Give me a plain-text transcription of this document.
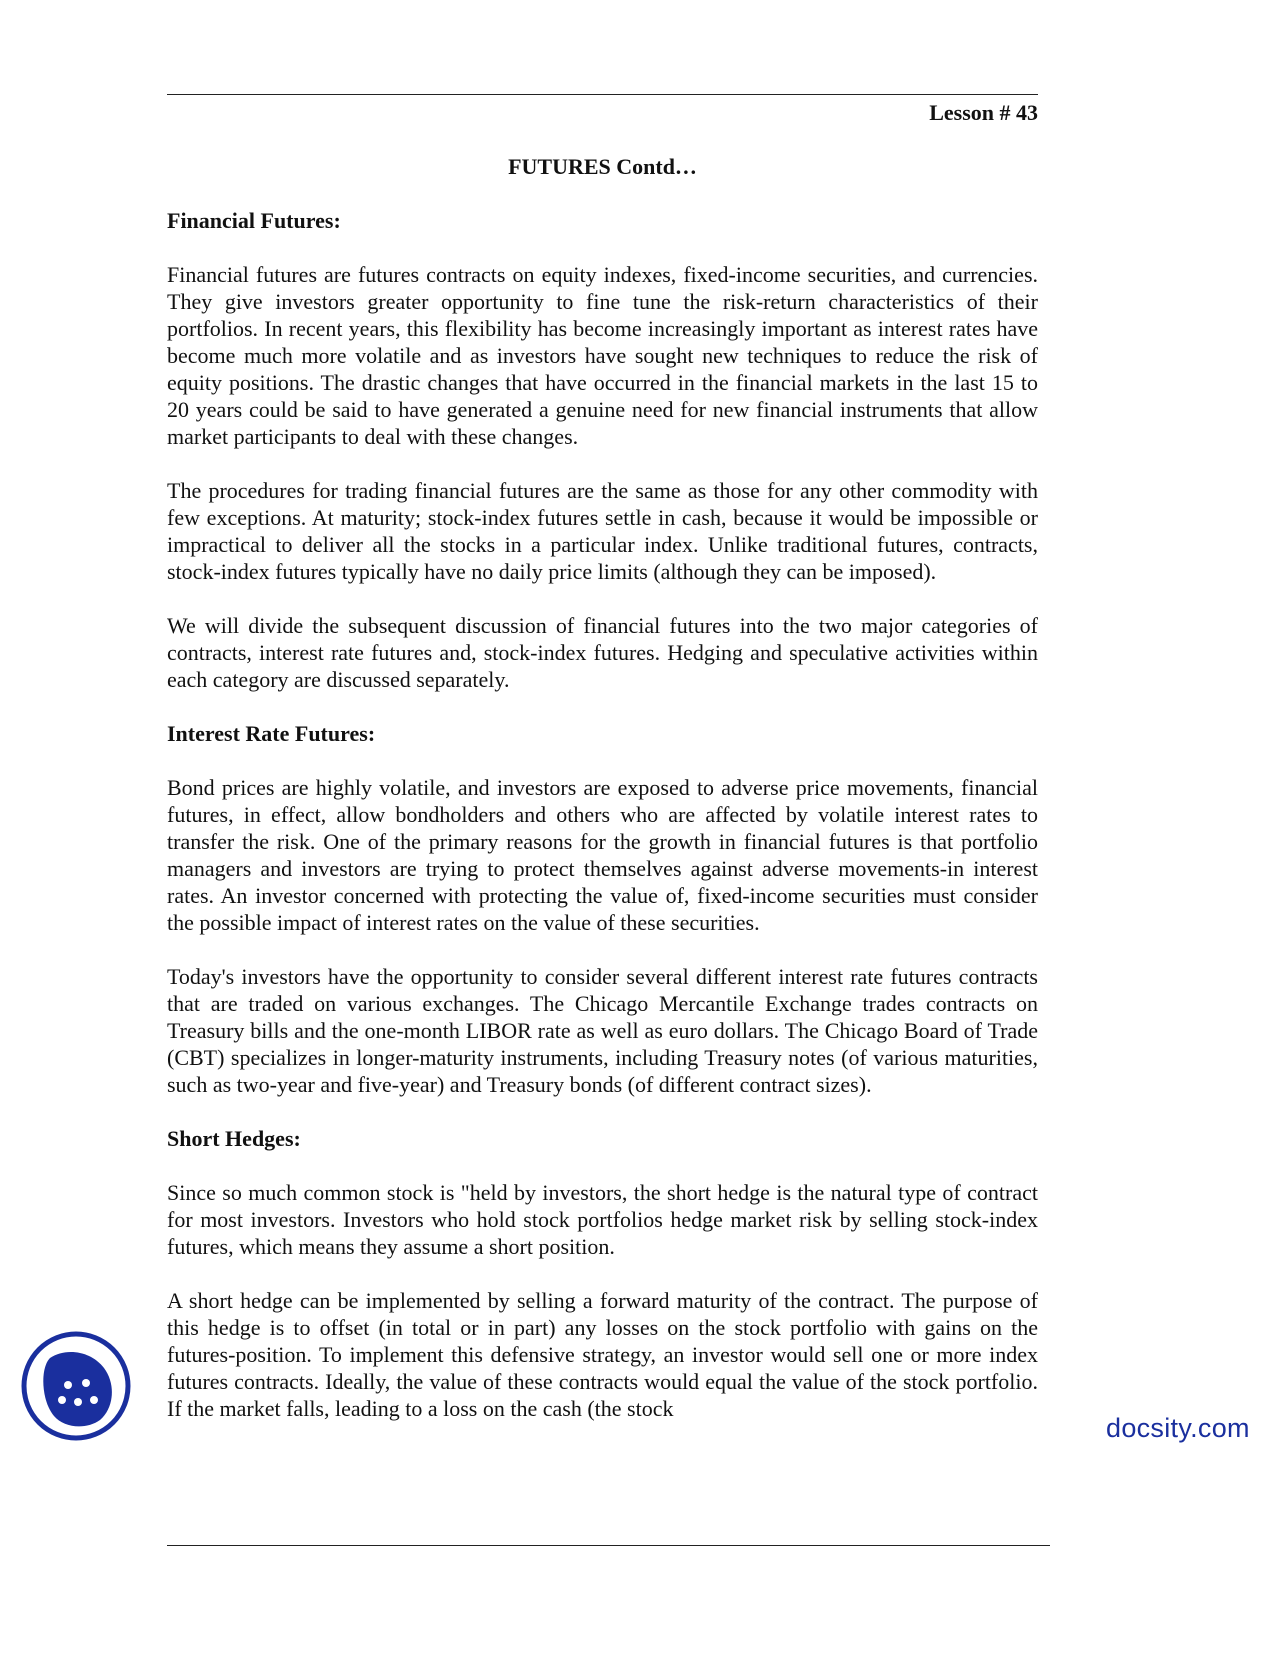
Lesson # 43
FUTURES Contd…
Financial Futures:

Financial futures are futures contracts on equity indexes, fixed-income securities, and currencies. They give investors greater opportunity to fine tune the risk-return characteristics of their portfolios. In recent years, this flexibility has become increasingly important as interest rates have become much more volatile and as investors have sought new techniques to reduce the risk of equity positions. The drastic changes that have occurred in the financial markets in the last 15 to 20 years could be said to have generated a genuine need for new financial instruments that allow market participants to deal with these changes.

The procedures for trading financial futures are the same as those for any other commodity with few exceptions. At maturity; stock-index futures settle in cash, because it would be impossible or impractical to deliver all the stocks in a particular index. Unlike traditional futures, contracts, stock-index futures typically have no daily price limits (although they can be imposed).

We will divide the subsequent discussion of financial futures into the two major categories of contracts, interest rate futures and, stock-index futures. Hedging and speculative activities within each category are discussed separately.

Interest Rate Futures:

Bond prices are highly volatile, and investors are exposed to adverse price movements, financial futures, in effect, allow bondholders and others who are affected by volatile interest rates to transfer the risk. One of the primary reasons for the growth in financial futures is that portfolio managers and investors are trying to protect themselves against adverse movements-in interest rates. An investor concerned with protecting the value of, fixed-income securities must consider the possible impact of interest rates on the value of these securities.

Today's investors have the opportunity to consider several different interest rate futures contracts that are traded on various exchanges. The Chicago Mercantile Exchange trades contracts on Treasury bills and the one-month LIBOR rate as well as euro dollars. The Chicago Board of Trade (CBT) specializes in longer-maturity instruments, including Treasury notes (of various maturities, such as two-year and five-year) and Treasury bonds (of different contract sizes).

Short Hedges:

Since so much common stock is "held by investors, the short hedge is the natural type of contract for most investors. Investors who hold stock portfolios hedge market risk by selling stock-index futures, which means they assume a short position.

A short hedge can be implemented by selling a forward maturity of the contract. The purpose of this hedge is to offset (in total or in part) any losses on the stock portfolio with gains on the futures-position. To implement this defensive strategy, an investor would sell one or more index futures contracts. Ideally, the value of these contracts would equal the value of the stock portfolio. If the market falls, leading to a loss on the cash (the stock

docsity.com
